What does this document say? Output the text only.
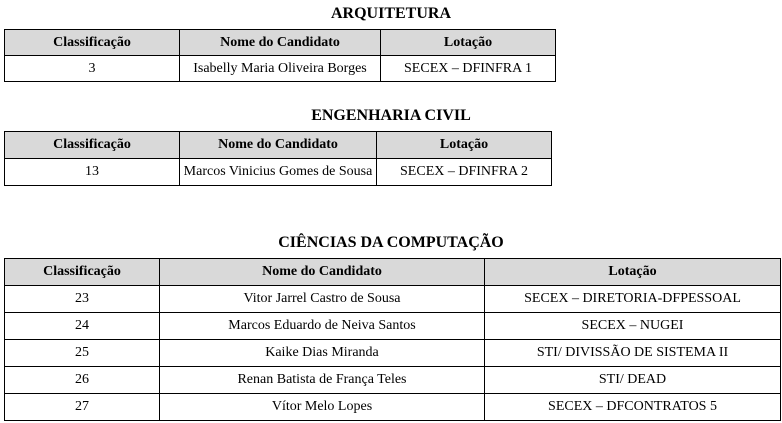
ARQUITETURA
Classificação	Nome do Candidato	Lotação
3	Isabelly Maria Oliveira Borges	SECEX – DFINFRA 1
ENGENHARIA CIVIL
Classificação	Nome do Candidato	Lotação
13	Marcos Vinicius Gomes de Sousa	SECEX – DFINFRA 2
CIÊNCIAS DA COMPUTAÇÃO
Classificação	Nome do Candidato	Lotação
23	Vitor Jarrel Castro de Sousa	SECEX – DIRETORIA-DFPESSOAL
24	Marcos Eduardo de Neiva Santos	SECEX – NUGEI
25	Kaike Dias Miranda	STI/ DIVISSÃO DE SISTEMA II
26	Renan Batista de França Teles	STI/ DEAD
27	Vítor Melo Lopes	SECEX – DFCONTRATOS 5
